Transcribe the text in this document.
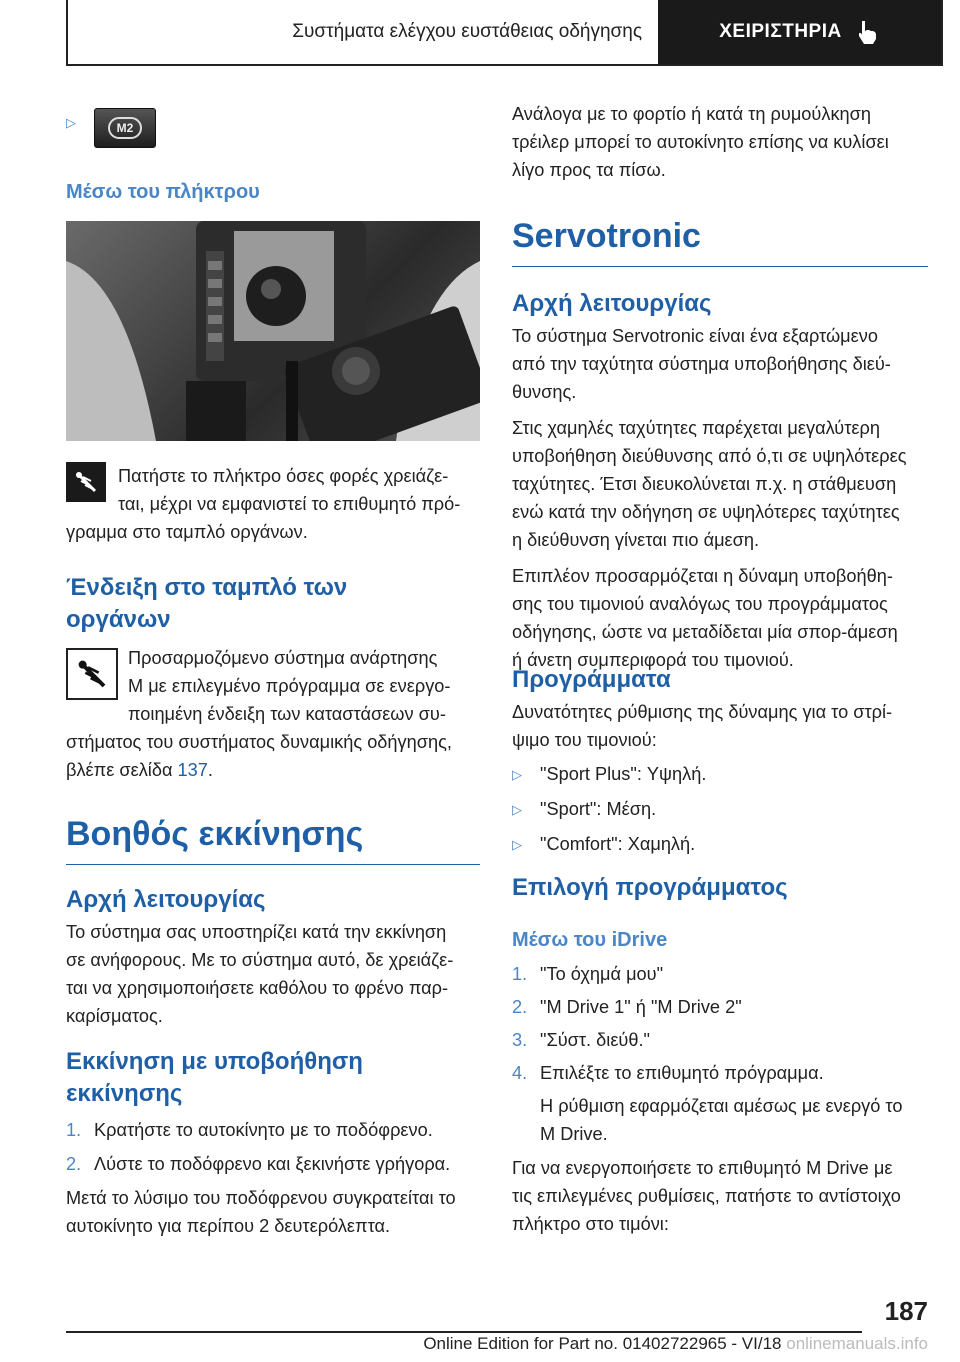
Συστήματα ελέγχου ευστάθειας οδήγησης	ΧΕΙΡΙΣΤΗΡΙΑ
▷	M2
Μέσω του πλήκτρου

Πατήστε το πλήκτρο όσες φορές χρειάζε-

ται, μέχρι να εμφανιστεί το επιθυμητό πρό-

γραμμα στο ταμπλό οργάνων.

Ένδειξη στο ταμπλό των
οργάνων

Προσαρμοζόμενο σύστημα ανάρτησης

M με επιλεγμένο πρόγραμμα σε ενεργο-

ποιημένη ένδειξη των καταστάσεων συ-

στήματος του συστήματος δυναμικής οδήγησης,

βλέπε σελίδα 137.

Βοηθός εκκίνησης
Αρχή λειτουργίας

Το σύστημα σας υποστηρίζει κατά την εκκίνηση

σε ανήφορους. Με το σύστημα αυτό, δε χρειάζε-

ται να χρησιμοποιήσετε καθόλου το φρένο παρ-

καρίσματος.

Εκκίνηση με υποβοήθηση
εκκίνησης
1. Κρατήστε το αυτοκίνητο με το ποδόφρενο.
2. Λύστε το ποδόφρενο και ξεκινήστε γρήγορα.

Μετά το λύσιμο του ποδόφρενου συγκρατείται το

αυτοκίνητο για περίπου 2 δευτερόλεπτα.

Ανάλογα με το φορτίο ή κατά τη ρυμούλκηση

τρέιλερ μπορεί το αυτοκίνητο επίσης να κυλίσει

λίγο προς τα πίσω.

Servotronic
Αρχή λειτουργίας

Το σύστημα Servotronic είναι ένα εξαρτώμενο

από την ταχύτητα σύστημα υποβοήθησης διεύ-

θυνσης.

Στις χαμηλές ταχύτητες παρέχεται μεγαλύτερη

υποβοήθηση διεύθυνσης από ό,τι σε υψηλότερες

ταχύτητες. Έτσι διευκολύνεται π.χ. η στάθμευση

ενώ κατά την οδήγηση σε υψηλότερες ταχύτητες

η διεύθυνση γίνεται πιο άμεση.

Επιπλέον προσαρμόζεται η δύναμη υποβοήθη-

σης του τιμονιού αναλόγως του προγράμματος

οδήγησης, ώστε να μεταδίδεται μία σπορ-άμεση

ή άνετη συμπεριφορά του τιμονιού.

Προγράμματα

Δυνατότητες ρύθμισης της δύναμης για το στρί-

ψιμο του τιμονιού:

▷ "Sport Plus": Υψηλή.
▷ "Sport": Μέση.
▷ "Comfort": Χαμηλή.
Επιλογή προγράμματος
Μέσω του iDrive
1. "Το όχημά μου"
2. "M Drive 1" ή "M Drive 2"
3. "Σύστ. διεύθ."
4. Επιλέξτε το επιθυμητό πρόγραμμα.

Η ρύθμιση εφαρμόζεται αμέσως με ενεργό το

M Drive.

Για να ενεργοποιήσετε το επιθυμητό M Drive με

τις επιλεγμένες ρυθμίσεις, πατήστε το αντίστοιχο

πλήκτρο στο τιμόνι:

187
Online Edition for Part no. 01402722965 - VI/18 onlinemanuals.info
